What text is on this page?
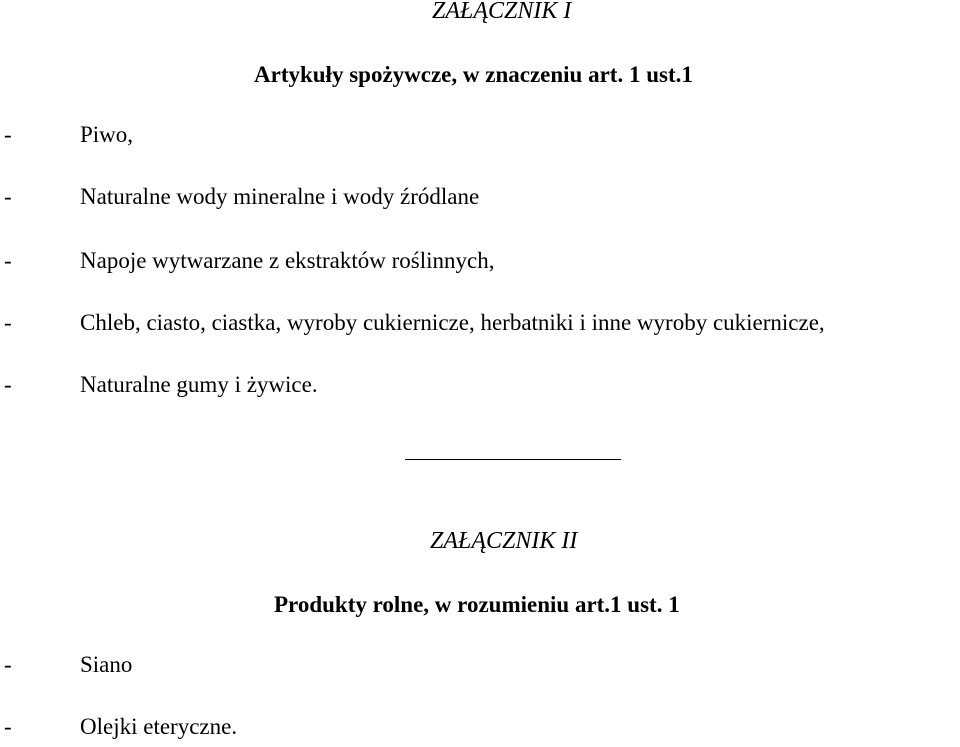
ZAŁĄCZNIK I
Artykuły spożywcze, w znaczeniu art. 1 ust.1
-	Piwo,
-	Naturalne wody mineralne i wody źródlane
-	Napoje wytwarzane z ekstraktów roślinnych,
-	Chleb, ciasto, ciastka, wyroby cukiernicze, herbatniki i inne wyroby cukiernicze,
-	Naturalne gumy i żywice.
ZAŁĄCZNIK II
Produkty rolne, w rozumieniu art.1 ust. 1
-	Siano
-	Olejki eteryczne.
